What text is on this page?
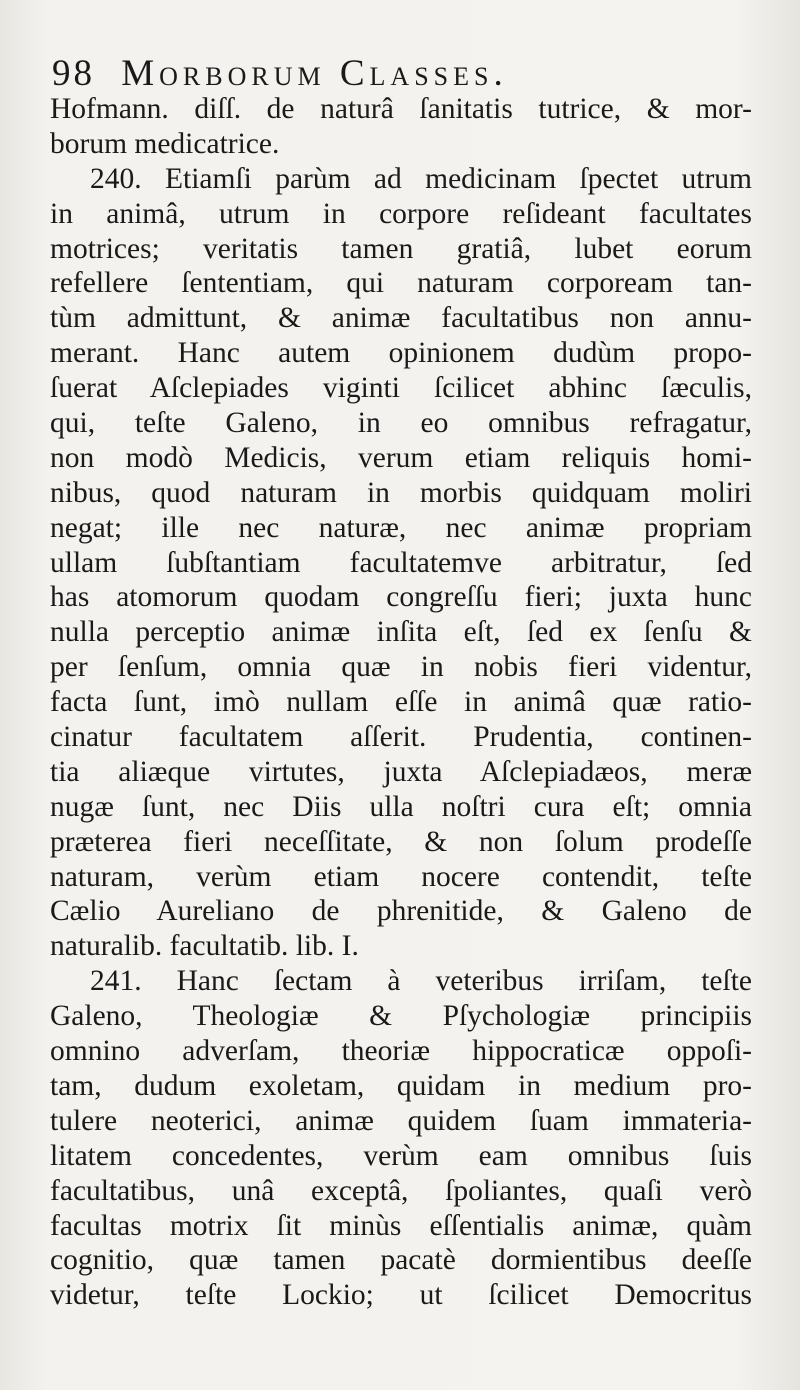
98 Morborum Classes.
Hofmann. diſſ. de naturâ ſanitatis tutrice, & mor-
borum medicatrice.
240. Etiamſi parùm ad medicinam ſpectet utrum
in animâ, utrum in corpore reſideant facultates
motrices; veritatis tamen gratiâ, lubet eorum
refellere ſententiam, qui naturam corpoream tan-
tùm admittunt, & animæ facultatibus non annu-
merant. Hanc autem opinionem dudùm propo-
ſuerat Aſclepiades viginti ſcilicet abhinc ſæculis,
qui, teſte Galeno, in eo omnibus refragatur,
non modò Medicis, verum etiam reliquis homi-
nibus, quod naturam in morbis quidquam moliri
negat; ille nec naturæ, nec animæ propriam
ullam ſubſtantiam facultatemve arbitratur, ſed
has atomorum quodam congreſſu fieri; juxta hunc
nulla perceptio animæ inſita eſt, ſed ex ſenſu &
per ſenſum, omnia quæ in nobis fieri videntur,
facta ſunt, imò nullam eſſe in animâ quæ ratio-
cinatur facultatem aſſerit. Prudentia, continen-
tia aliæque virtutes, juxta Aſclepiadæos, meræ
nugæ ſunt, nec Diis ulla noſtri cura eſt; omnia
præterea fieri neceſſitate, & non ſolum prodeſſe
naturam, verùm etiam nocere contendit, teſte
Cælio Aureliano de phrenitide, & Galeno de
naturalib. facultatib. lib. I.
241. Hanc ſectam à veteribus irriſam, teſte
Galeno, Theologiæ & Pſychologiæ principiis
omnino adverſam, theoriæ hippocraticæ oppoſi-
tam, dudum exoletam, quidam in medium pro-
tulere neoterici, animæ quidem ſuam immateria-
litatem concedentes, verùm eam omnibus ſuis
facultatibus, unâ exceptâ, ſpoliantes, quaſi verò
facultas motrix ſit minùs eſſentialis animæ, quàm
cognitio, quæ tamen pacatè dormientibus deeſſe
videtur, teſte Lockio; ut ſcilicet Democritus
